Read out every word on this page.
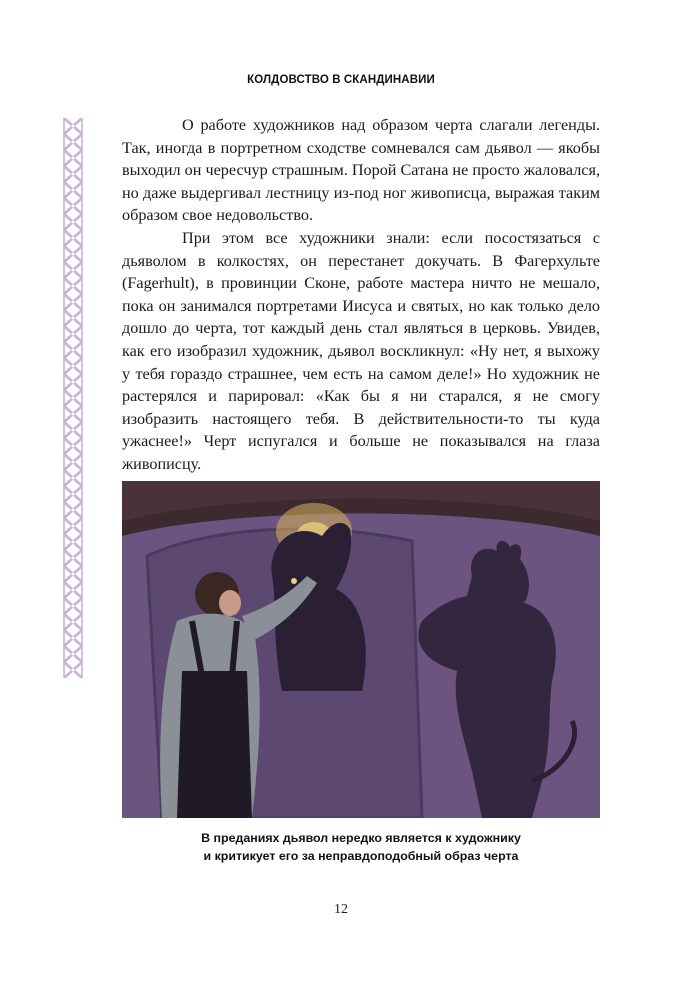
КОЛДОВСТВО В СКАНДИНАВИИ

О работе художников над образом черта слагали легенды. Так, иногда в портретном сходстве сомневался сам дьявол — якобы выходил он чересчур страшным. Порой Сатана не просто жаловался, но даже выдергивал лестницу из-под ног живописца, выражая таким образом свое недовольство.

При этом все художники знали: если посостязаться с дьяволом в колкостях, он перестанет докучать. В Фагерхульте (Fagerhult), в провинции Сконе, работе мастера ничто не мешало, пока он занимался портретами Иисуса и святых, но как только дело дошло до черта, тот каждый день стал являться в церковь. Увидев, как его изобразил художник, дьявол воскликнул: «Ну нет, я выхожу у тебя гораздо страшнее, чем есть на самом деле!» Но художник не растерялся и парировал: «Как бы я ни старался, я не смогу изобразить настоящего тебя. В действительности-то ты куда ужаснее!» Черт испугался и больше не показывался на глаза живописцу.

В преданиях дьявол нередко является к художнику
и критикует его за неправдоподобный образ черта
12
